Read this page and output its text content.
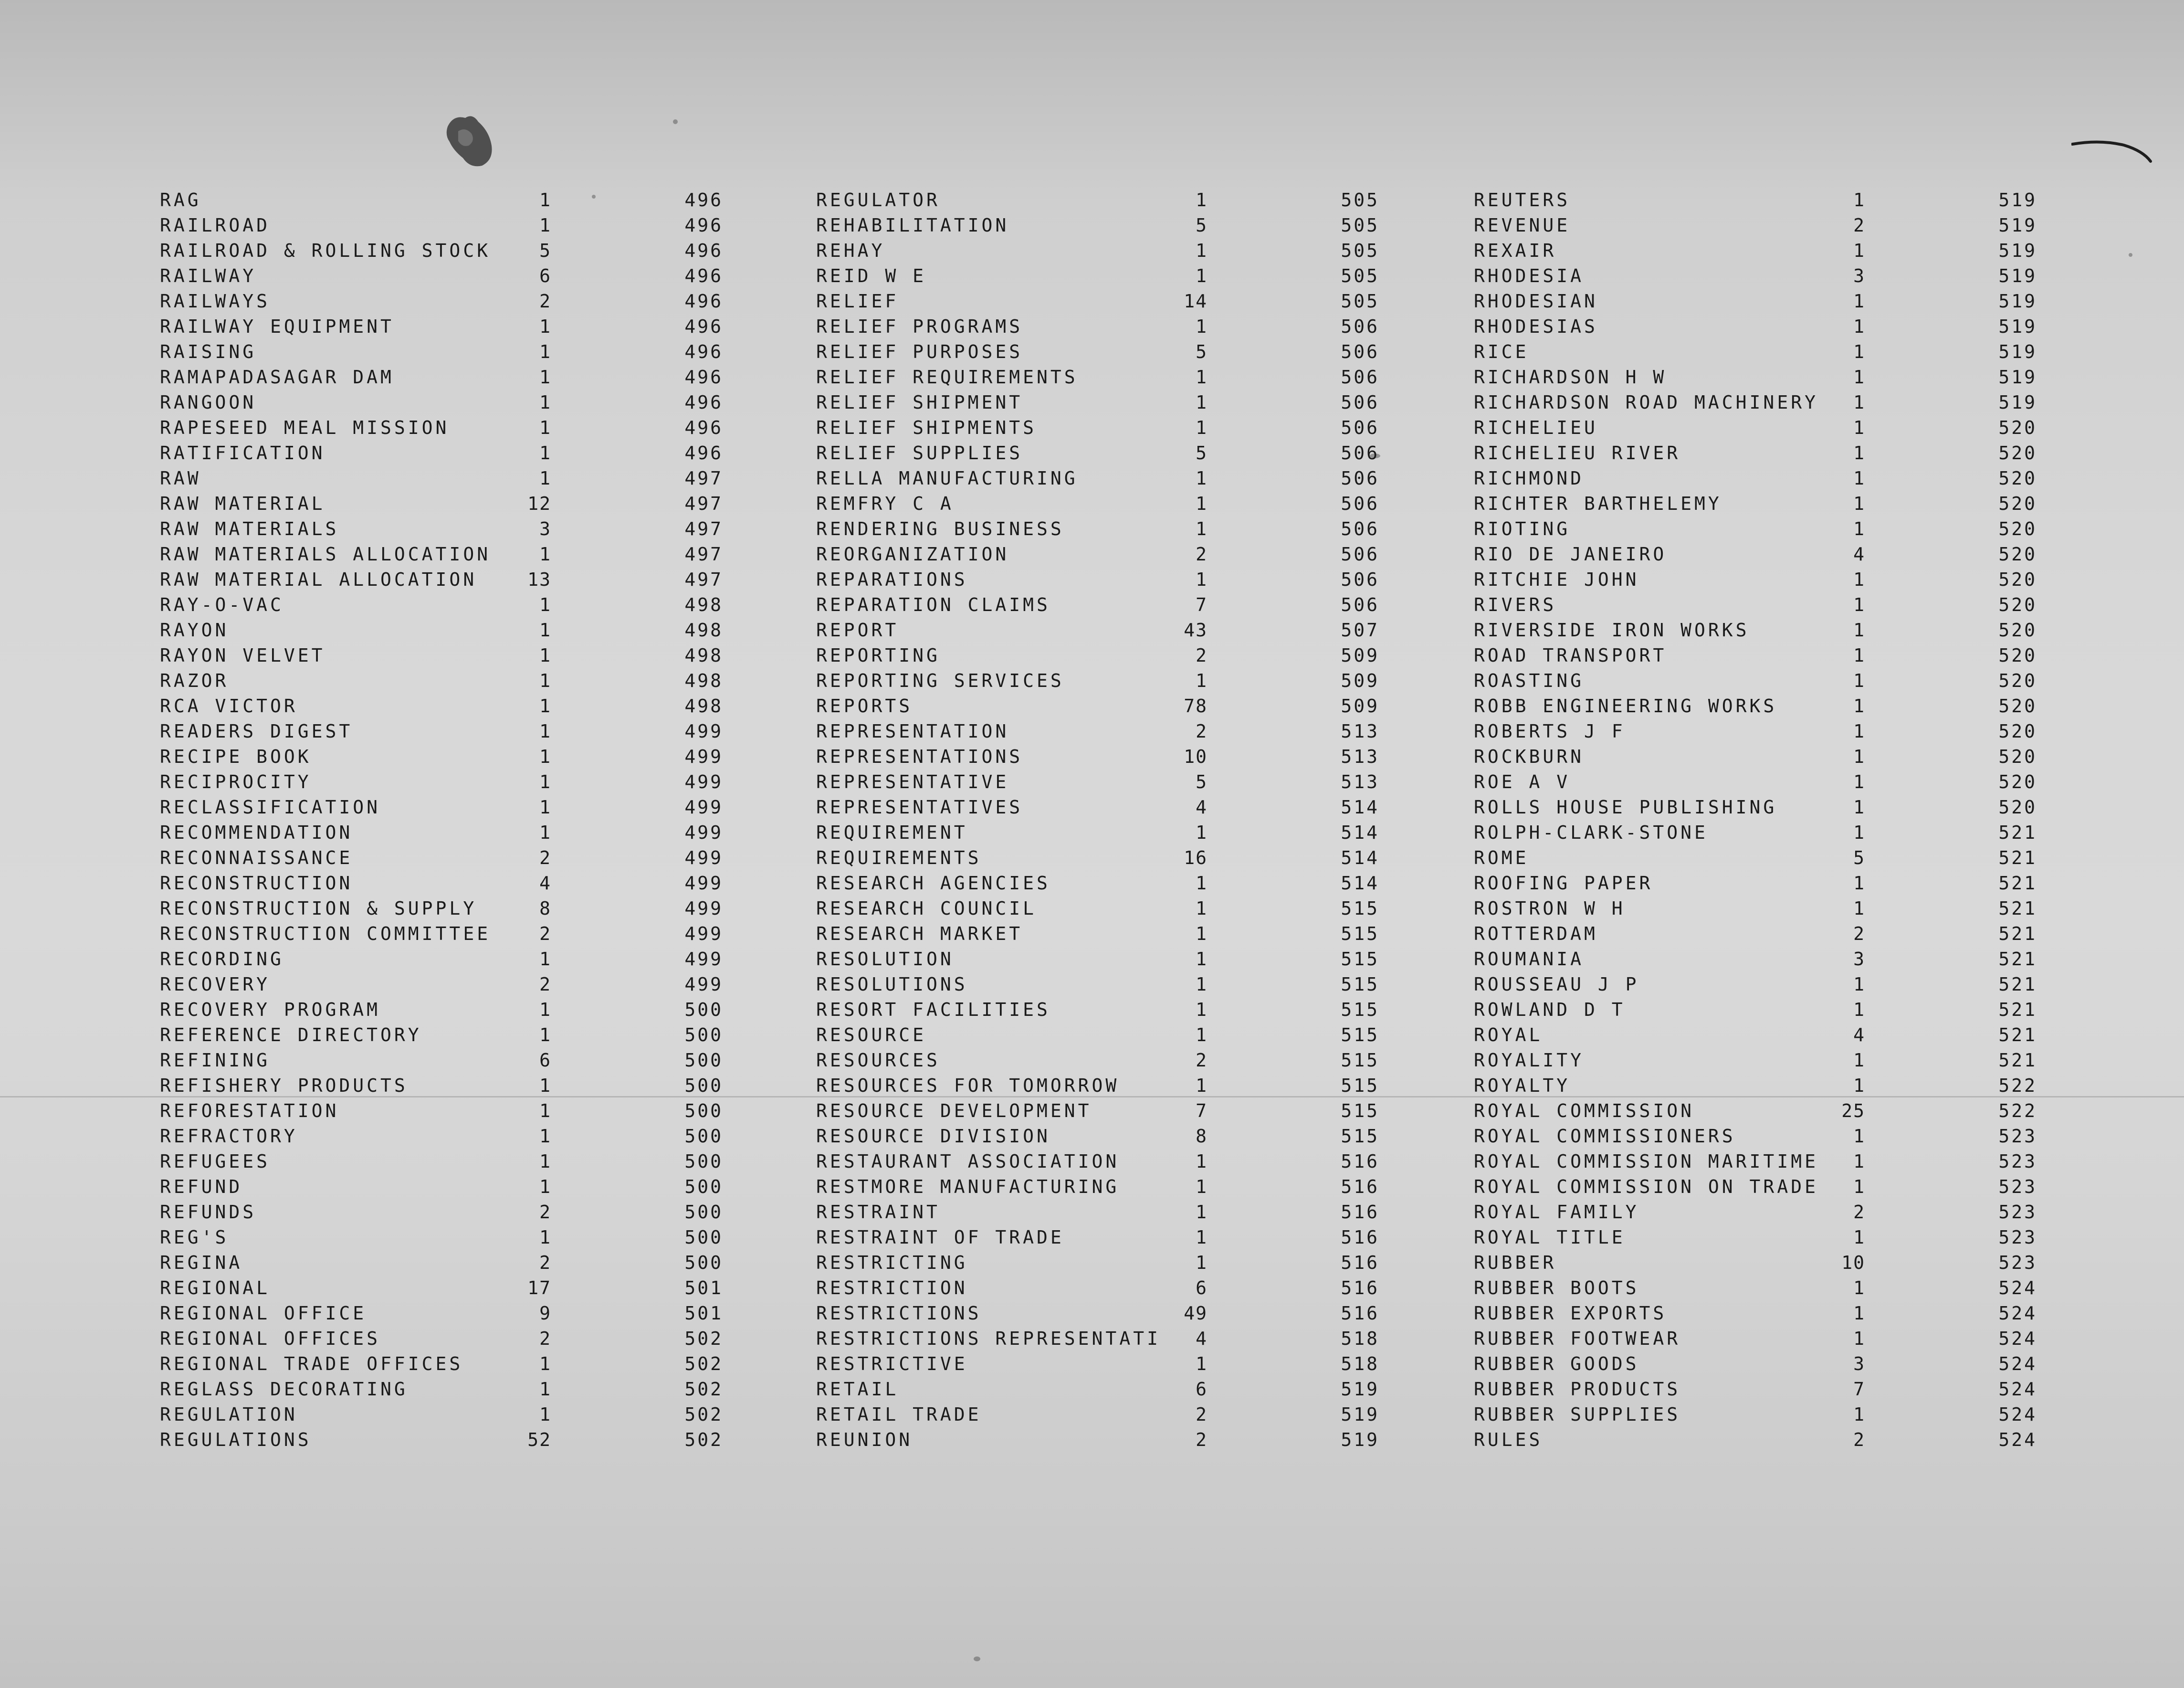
RAG	1	496
RAILROAD	1	496
RAILROAD & ROLLING STOCK	5	496
RAILWAY	6	496
RAILWAYS	2	496
RAILWAY EQUIPMENT	1	496
RAISING	1	496
RAMAPADASAGAR DAM	1	496
RANGOON	1	496
RAPESEED MEAL MISSION	1	496
RATIFICATION	1	496
RAW	1	497
RAW MATERIAL	12	497
RAW MATERIALS	3	497
RAW MATERIALS ALLOCATION	1	497
RAW MATERIAL ALLOCATION	13	497
RAY-O-VAC	1	498
RAYON	1	498
RAYON VELVET	1	498
RAZOR	1	498
RCA VICTOR	1	498
READERS DIGEST	1	499
RECIPE BOOK	1	499
RECIPROCITY	1	499
RECLASSIFICATION	1	499
RECOMMENDATION	1	499
RECONNAISSANCE	2	499
RECONSTRUCTION	4	499
RECONSTRUCTION & SUPPLY	8	499
RECONSTRUCTION COMMITTEE	2	499
RECORDING	1	499
RECOVERY	2	499
RECOVERY PROGRAM	1	500
REFERENCE DIRECTORY	1	500
REFINING	6	500
REFISHERY PRODUCTS	1	500
REFORESTATION	1	500
REFRACTORY	1	500
REFUGEES	1	500
REFUND	1	500
REFUNDS	2	500
REG'S	1	500
REGINA	2	500
REGIONAL	17	501
REGIONAL OFFICE	9	501
REGIONAL OFFICES	2	502
REGIONAL TRADE OFFICES	1	502
REGLASS DECORATING	1	502
REGULATION	1	502
REGULATIONS	52	502
REGULATOR	1	505
REHABILITATION	5	505
REHAY	1	505
REID W E	1	505
RELIEF	14	505
RELIEF PROGRAMS	1	506
RELIEF PURPOSES	5	506
RELIEF REQUIREMENTS	1	506
RELIEF SHIPMENT	1	506
RELIEF SHIPMENTS	1	506
RELIEF SUPPLIES	5	506
RELLA MANUFACTURING	1	506
REMFRY C A	1	506
RENDERING BUSINESS	1	506
REORGANIZATION	2	506
REPARATIONS	1	506
REPARATION CLAIMS	7	506
REPORT	43	507
REPORTING	2	509
REPORTING SERVICES	1	509
REPORTS	78	509
REPRESENTATION	2	513
REPRESENTATIONS	10	513
REPRESENTATIVE	5	513
REPRESENTATIVES	4	514
REQUIREMENT	1	514
REQUIREMENTS	16	514
RESEARCH AGENCIES	1	514
RESEARCH COUNCIL	1	515
RESEARCH MARKET	1	515
RESOLUTION	1	515
RESOLUTIONS	1	515
RESORT FACILITIES	1	515
RESOURCE	1	515
RESOURCES	2	515
RESOURCES FOR TOMORROW	1	515
RESOURCE DEVELOPMENT	7	515
RESOURCE DIVISION	8	515
RESTAURANT ASSOCIATION	1	516
RESTMORE MANUFACTURING	1	516
RESTRAINT	1	516
RESTRAINT OF TRADE	1	516
RESTRICTING	1	516
RESTRICTION	6	516
RESTRICTIONS	49	516
RESTRICTIONS REPRESENTATI	4	518
RESTRICTIVE	1	518
RETAIL	6	519
RETAIL TRADE	2	519
REUNION	2	519
REUTERS	1	519
REVENUE	2	519
REXAIR	1	519
RHODESIA	3	519
RHODESIAN	1	519
RHODESIAS	1	519
RICE	1	519
RICHARDSON H W	1	519
RICHARDSON ROAD MACHINERY	1	519
RICHELIEU	1	520
RICHELIEU RIVER	1	520
RICHMOND	1	520
RICHTER BARTHELEMY	1	520
RIOTING	1	520
RIO DE JANEIRO	4	520
RITCHIE JOHN	1	520
RIVERS	1	520
RIVERSIDE IRON WORKS	1	520
ROAD TRANSPORT	1	520
ROASTING	1	520
ROBB ENGINEERING WORKS	1	520
ROBERTS J F	1	520
ROCKBURN	1	520
ROE A V	1	520
ROLLS HOUSE PUBLISHING	1	520
ROLPH-CLARK-STONE	1	521
ROME	5	521
ROOFING PAPER	1	521
ROSTRON W H	1	521
ROTTERDAM	2	521
ROUMANIA	3	521
ROUSSEAU J P	1	521
ROWLAND D T	1	521
ROYAL	4	521
ROYALITY	1	521
ROYALTY	1	522
ROYAL COMMISSION	25	522
ROYAL COMMISSIONERS	1	523
ROYAL COMMISSION MARITIME	1	523
ROYAL COMMISSION ON TRADE	1	523
ROYAL FAMILY	2	523
ROYAL TITLE	1	523
RUBBER	10	523
RUBBER BOOTS	1	524
RUBBER EXPORTS	1	524
RUBBER FOOTWEAR	1	524
RUBBER GOODS	3	524
RUBBER PRODUCTS	7	524
RUBBER SUPPLIES	1	524
RULES	2	524
